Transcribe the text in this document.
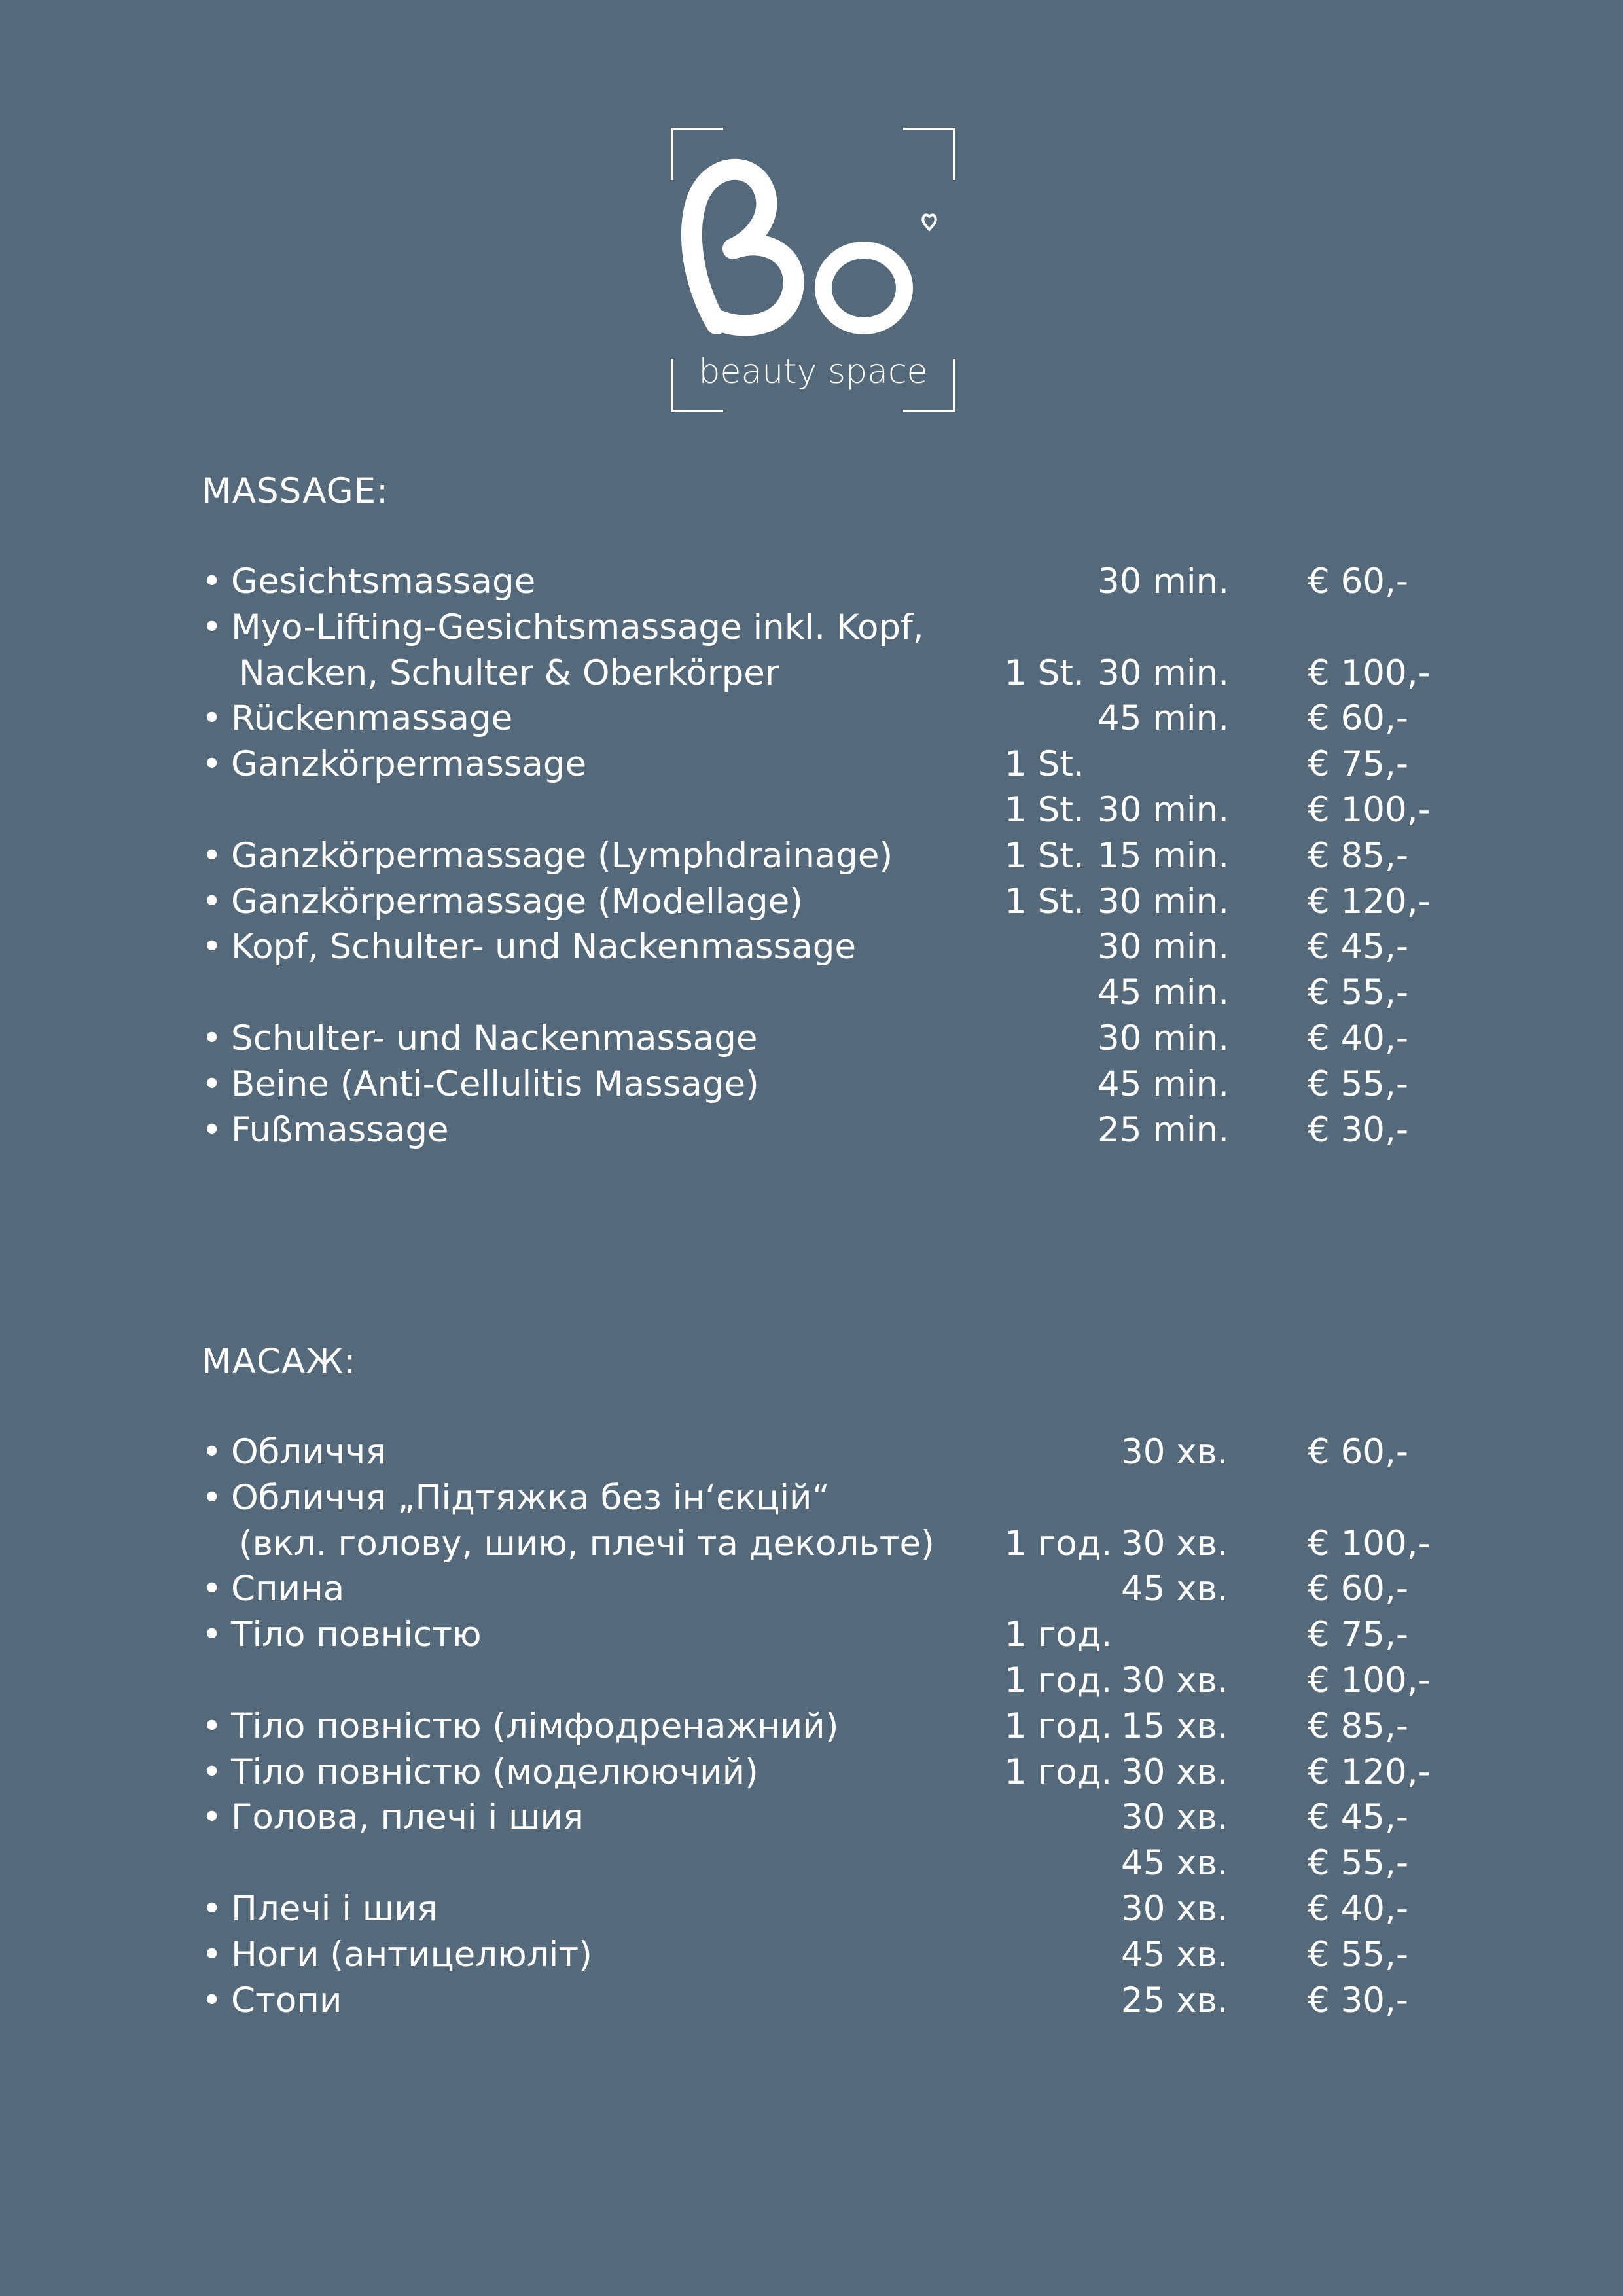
beauty space
MASSAGE:
МАСАЖ:
• Gesichtsmassage	30 min. € 60,-
• Myo-Lifting-Gesichtsmassage inkl. Kopf,
Nacken, Schulter & Oberkörper	1 St. 30 min. € 100,-
• Rückenmassage	45 min. € 60,-
• Ganzkörpermassage	1 St.	€ 75,-
1 St. 30 min. € 100,-
• Ganzkörpermassage (Lymphdrainage)	1 St. 15 min. € 85,-
• Ganzkörpermassage (Modellage)	1 St. 30 min. € 120,-
• Kopf, Schulter- und Nackenmassage	30 min. € 45,-
45 min. € 55,-
• Schulter- und Nackenmassage	30 min. € 40,-
• Beine (Anti-Cellulitis Massage)	45 min. € 55,-
• Fußmassage	25 min. € 30,-
• Обличчя	30 хв. € 60,-
• Обличчя „Підтяжка без ін‘єкцій“
(вкл. голову, шию, плечі та декольте) 1 год. 30 хв. € 100,-
• Спина	45 хв. € 60,-
• Тіло повністю	1 год.	€ 75,-
1 год. 30 хв. € 100,-
• Тіло повністю (лімфодренажний)	1 год. 15 хв. € 85,-
• Тіло повністю (моделюючий)	1 год. 30 хв. € 120,-
• Голова, плечі і шия	30 хв. € 45,-
45 хв. € 55,-
• Плечі і шия	30 хв. € 40,-
• Ноги (антицелюліт)	45 хв. € 55,-
• Стопи	25 хв. € 30,-
